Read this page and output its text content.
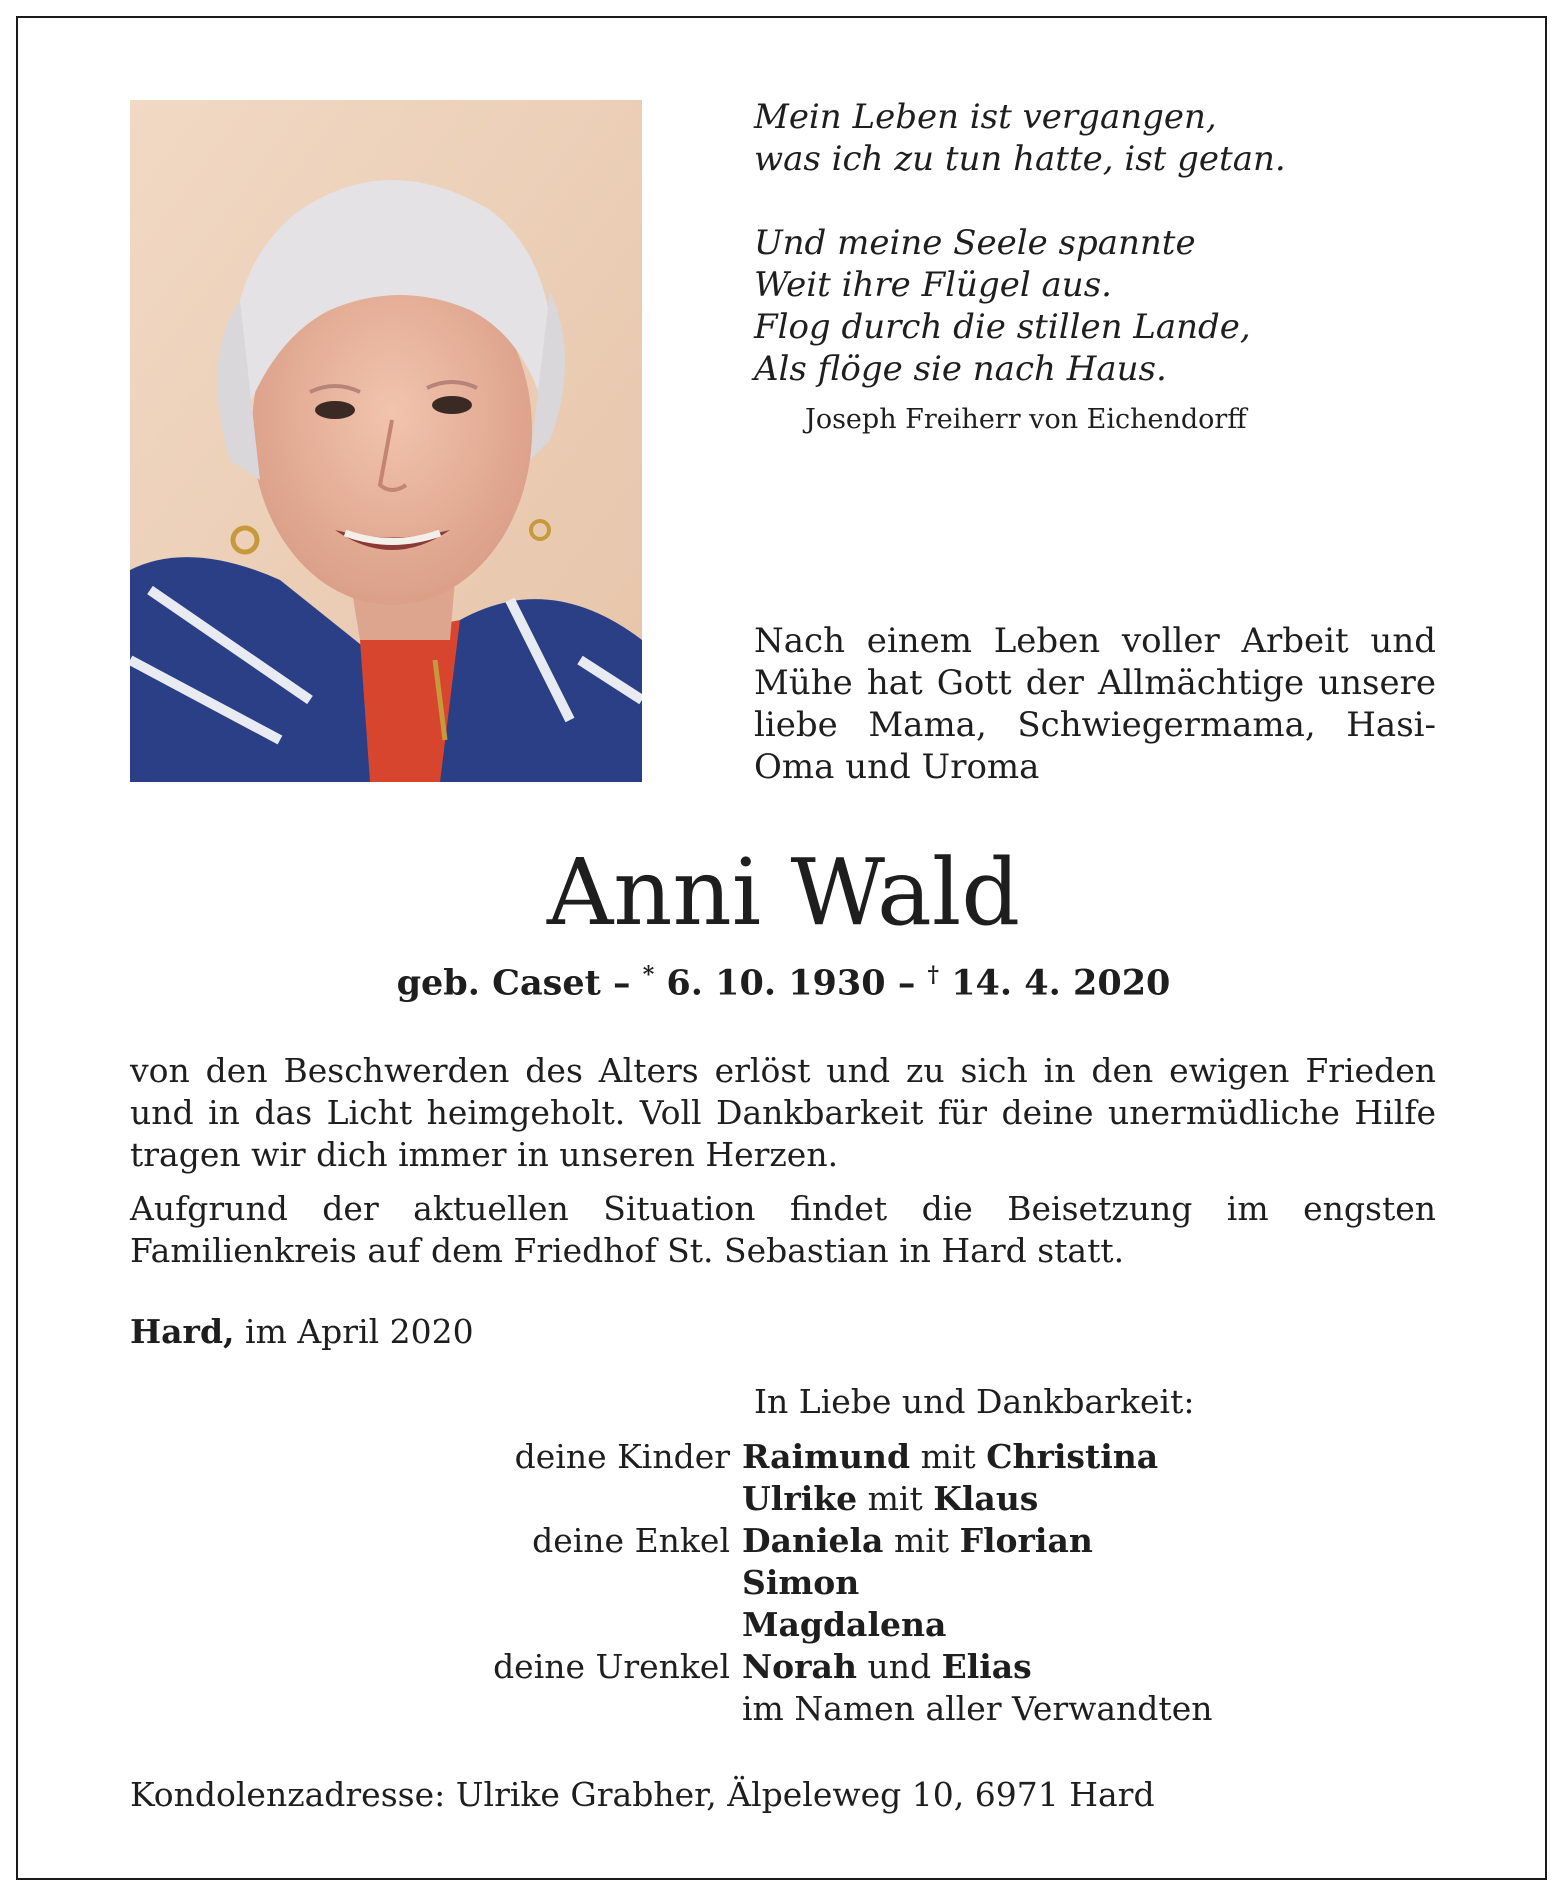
Mein Leben ist vergangen,
was ich zu tun hatte, ist getan.
Und meine Seele spannte
Weit ihre Flügel aus.
Flog durch die stillen Lande,
Als flöge sie nach Haus.
Joseph Freiherr von Eichendorff
Nach einem Leben voller Arbeit und Mühe hat Gott der Allmächtige unsere liebe Mama, Schwiegermama, Hasi-Oma und Uroma
Anni Wald
geb. Caset – * 6. 10. 1930 – † 14. 4. 2020
von den Beschwerden des Alters erlöst und zu sich in den ewigen Frieden und in das Licht heimgeholt. Voll Dankbarkeit für deine unermüdliche Hilfe tragen wir dich immer in unseren Herzen.
Aufgrund der aktuellen Situation findet die Beisetzung im engsten Familienkreis auf dem Friedhof St. Sebastian in Hard statt.
Hard, im April 2020
In Liebe und Dankbarkeit:
deine Kinder Raimund mit Christina
Ulrike mit Klaus
deine Enkel Daniela mit Florian
Simon
Magdalena
deine Urenkel Norah und Elias
im Namen aller Verwandten
Kondolenzadresse: Ulrike Grabher, Älpeleweg 10, 6971 Hard
